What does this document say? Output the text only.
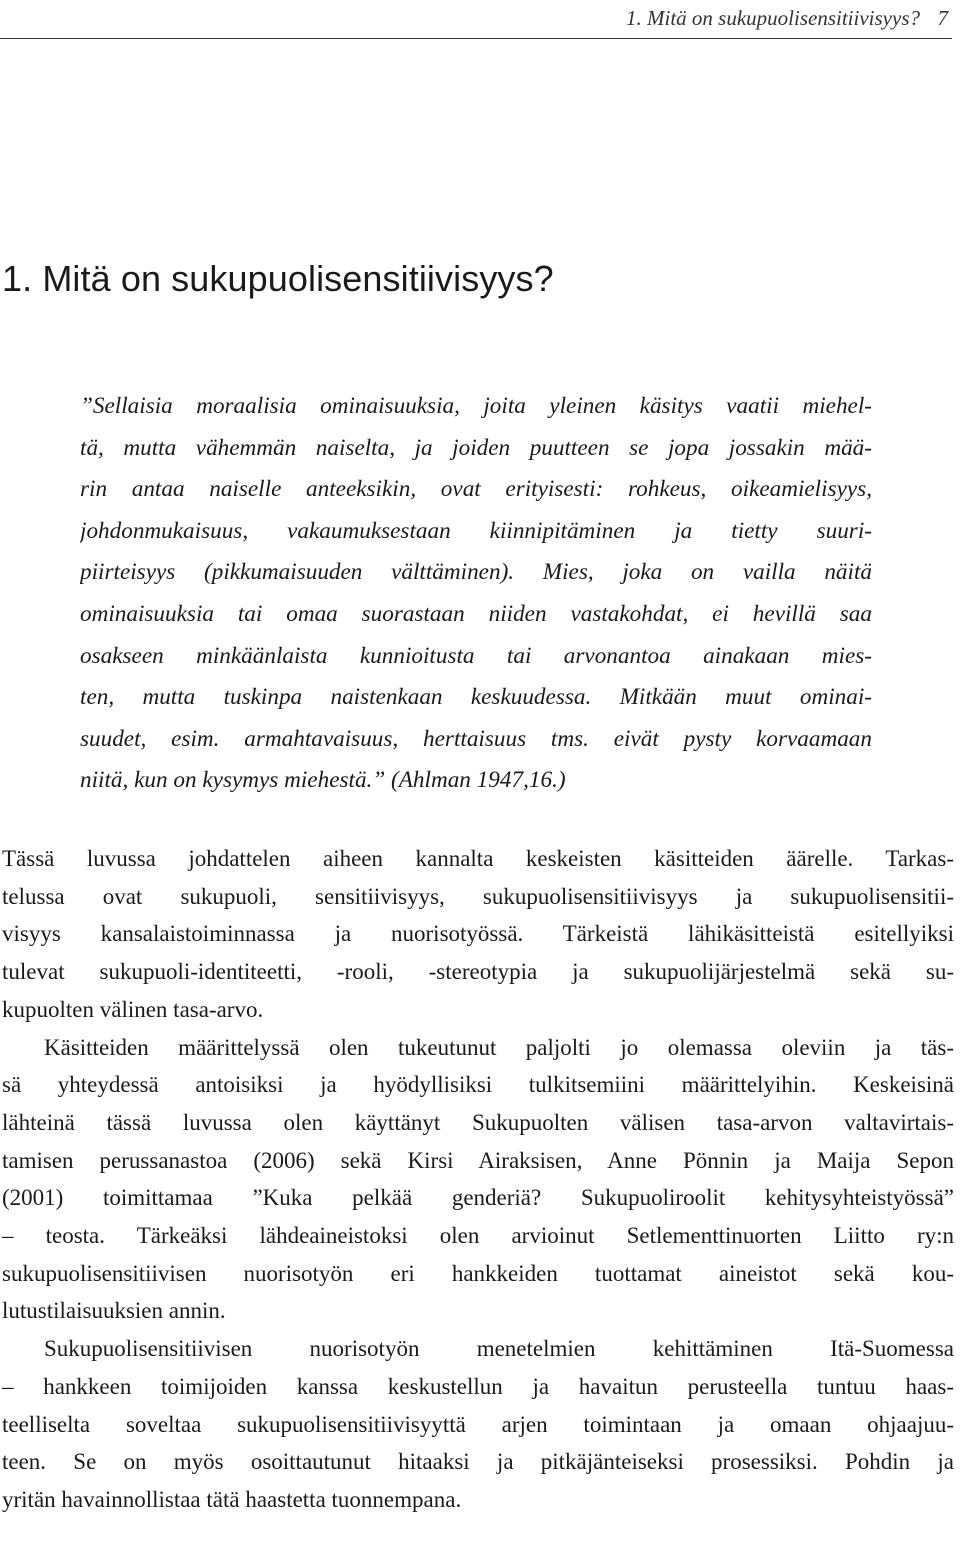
1. Mitä on sukupuolisensitiivisyys? 7
1. Mitä on sukupuolisensitiivisyys?
”Sellaisia moraalisia ominaisuuksia, joita yleinen käsitys vaatii miehel-
tä, mutta vähemmän naiselta, ja joiden puutteen se jopa jossakin mää-
rin antaa naiselle anteeksikin, ovat erityisesti: rohkeus, oikeamielisyys,
johdonmukaisuus, vakaumuksestaan kiinnipitäminen ja tietty suuri-
piirteisyys (pikkumaisuuden välttäminen). Mies, joka on vailla näitä
ominaisuuksia tai omaa suorastaan niiden vastakohdat, ei hevillä saa
osakseen minkäänlaista kunnioitusta tai arvonantoa ainakaan mies-
ten, mutta tuskinpa naistenkaan keskuudessa. Mitkään muut ominai-
suudet, esim. armahtavaisuus, herttaisuus tms. eivät pysty korvaamaan
niitä, kun on kysymys miehestä.” (Ahlman 1947,16.)
Tässä luvussa johdattelen aiheen kannalta keskeisten käsitteiden äärelle. Tarkas-
telussa ovat sukupuoli, sensitiivisyys, sukupuolisensitiivisyys ja sukupuolisensitii-
visyys kansalaistoiminnassa ja nuorisotyössä. Tärkeistä lähikäsitteistä esitellyiksi
tulevat sukupuoli-identiteetti, -rooli, -stereotypia ja sukupuolijärjestelmä sekä su-
kupuolten välinen tasa-arvo.
Käsitteiden määrittelyssä olen tukeutunut paljolti jo olemassa oleviin ja täs-
sä yhteydessä antoisiksi ja hyödyllisiksi tulkitsemiini määrittelyihin. Keskeisinä
lähteinä tässä luvussa olen käyttänyt Sukupuolten välisen tasa-arvon valtavirtais-
tamisen perussanastoa (2006) sekä Kirsi Airaksisen, Anne Pönnin ja Maija Sepon
(2001) toimittamaa ”Kuka pelkää genderiä? Sukupuoliroolit kehitysyhteistyössä”
– teosta. Tärkeäksi lähdeaineistoksi olen arvioinut Setlementtinuorten Liitto ry:n
sukupuolisensitiivisen nuorisotyön eri hankkeiden tuottamat aineistot sekä kou-
lutustilaisuuksien annin.
Sukupuolisensitiivisen nuorisotyön menetelmien kehittäminen Itä-Suomessa
– hankkeen toimijoiden kanssa keskustellun ja havaitun perusteella tuntuu haas-
teelliselta soveltaa sukupuolisensitiivisyyttä arjen toimintaan ja omaan ohjaajuu-
teen. Se on myös osoittautunut hitaaksi ja pitkäjänteiseksi prosessiksi. Pohdin ja
yritän havainnollistaa tätä haastetta tuonnempana.
